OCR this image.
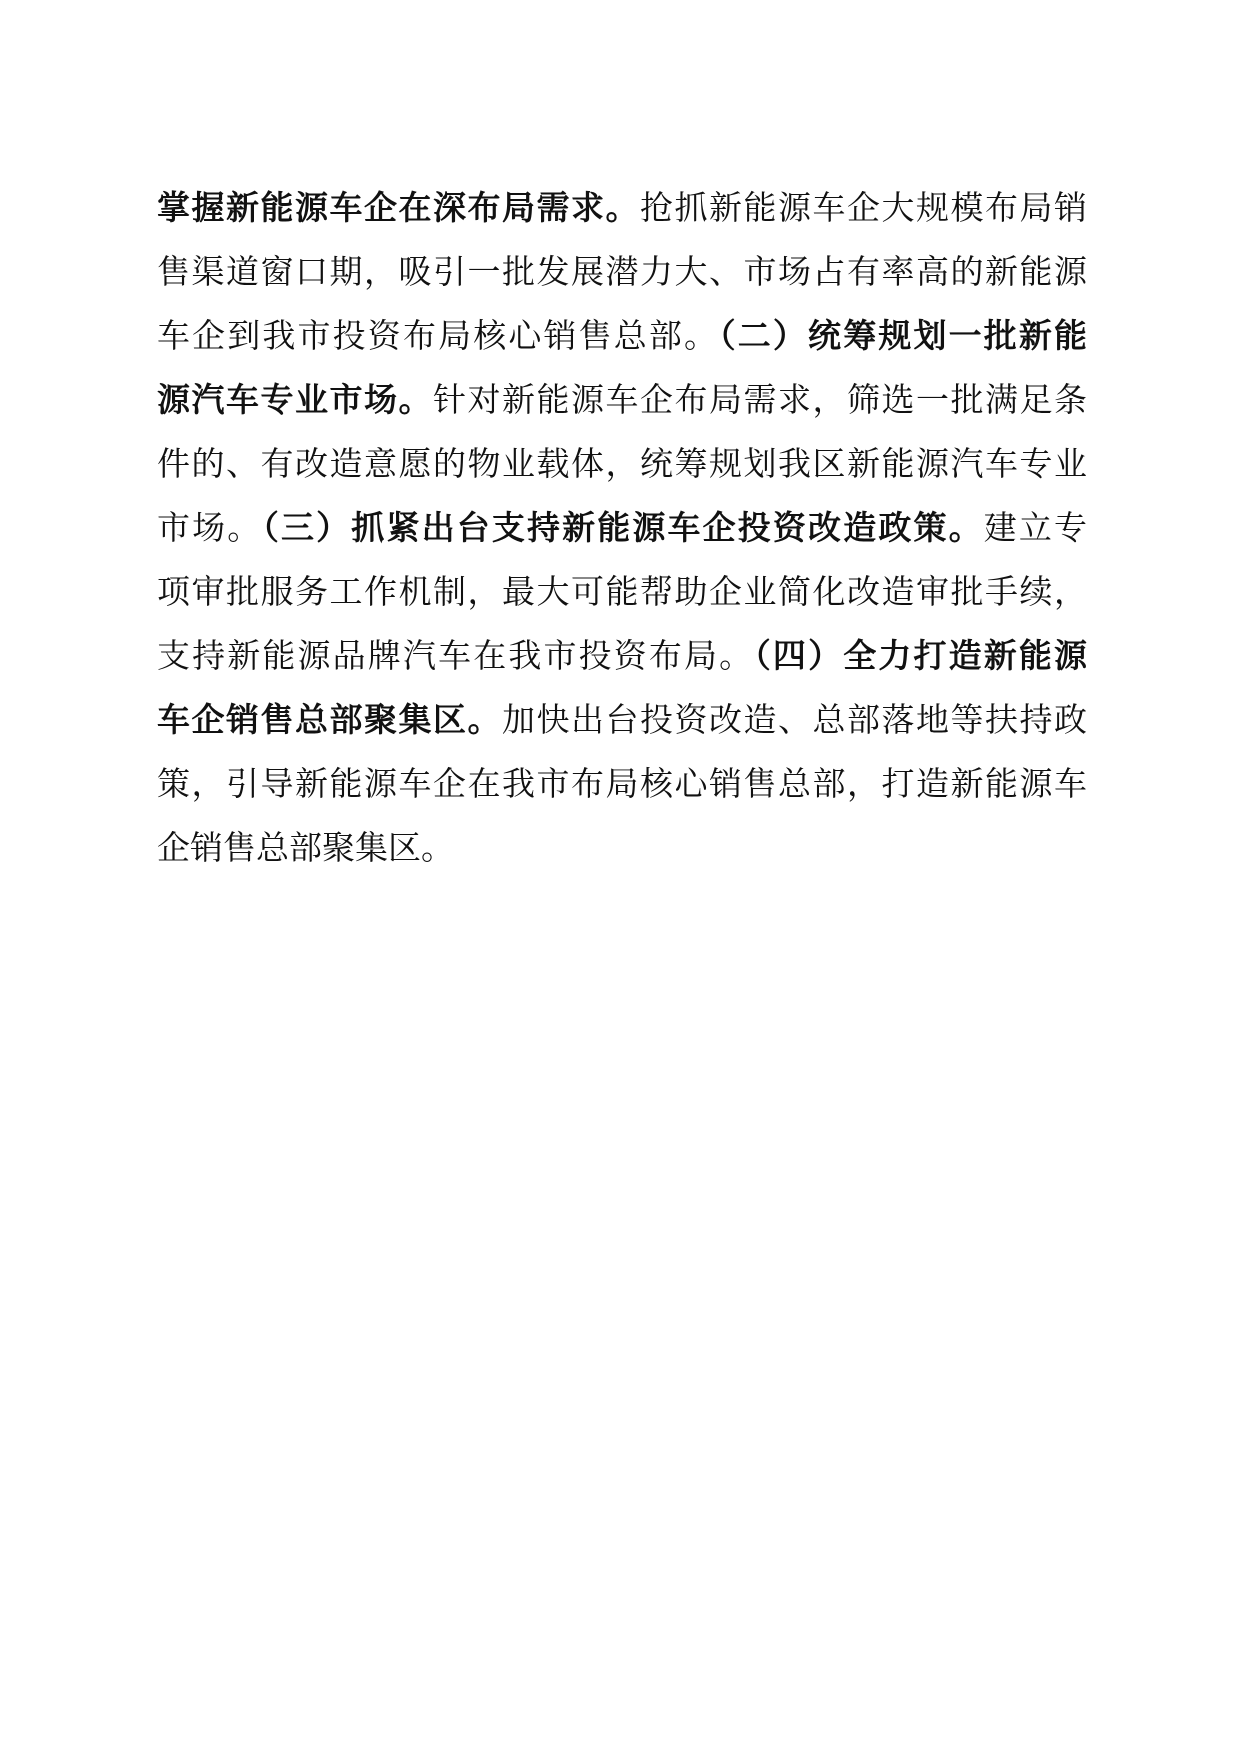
掌握新能源车企在深布局需求。抢抓新能源车企大规模布局销
售渠道窗口期，吸引一批发展潜力大、市场占有率高的新能源
车企到我市投资布局核心销售总部。（二）统筹规划一批新能
源汽车专业市场。针对新能源车企布局需求，筛选一批满足条
件的、有改造意愿的物业载体，统筹规划我区新能源汽车专业
市场。（三）抓紧出台支持新能源车企投资改造政策。建立专
项审批服务工作机制，最大可能帮助企业简化改造审批手续，
支持新能源品牌汽车在我市投资布局。（四）全力打造新能源
车企销售总部聚集区。加快出台投资改造、总部落地等扶持政
策，引导新能源车企在我市布局核心销售总部，打造新能源车
企销售总部聚集区。
